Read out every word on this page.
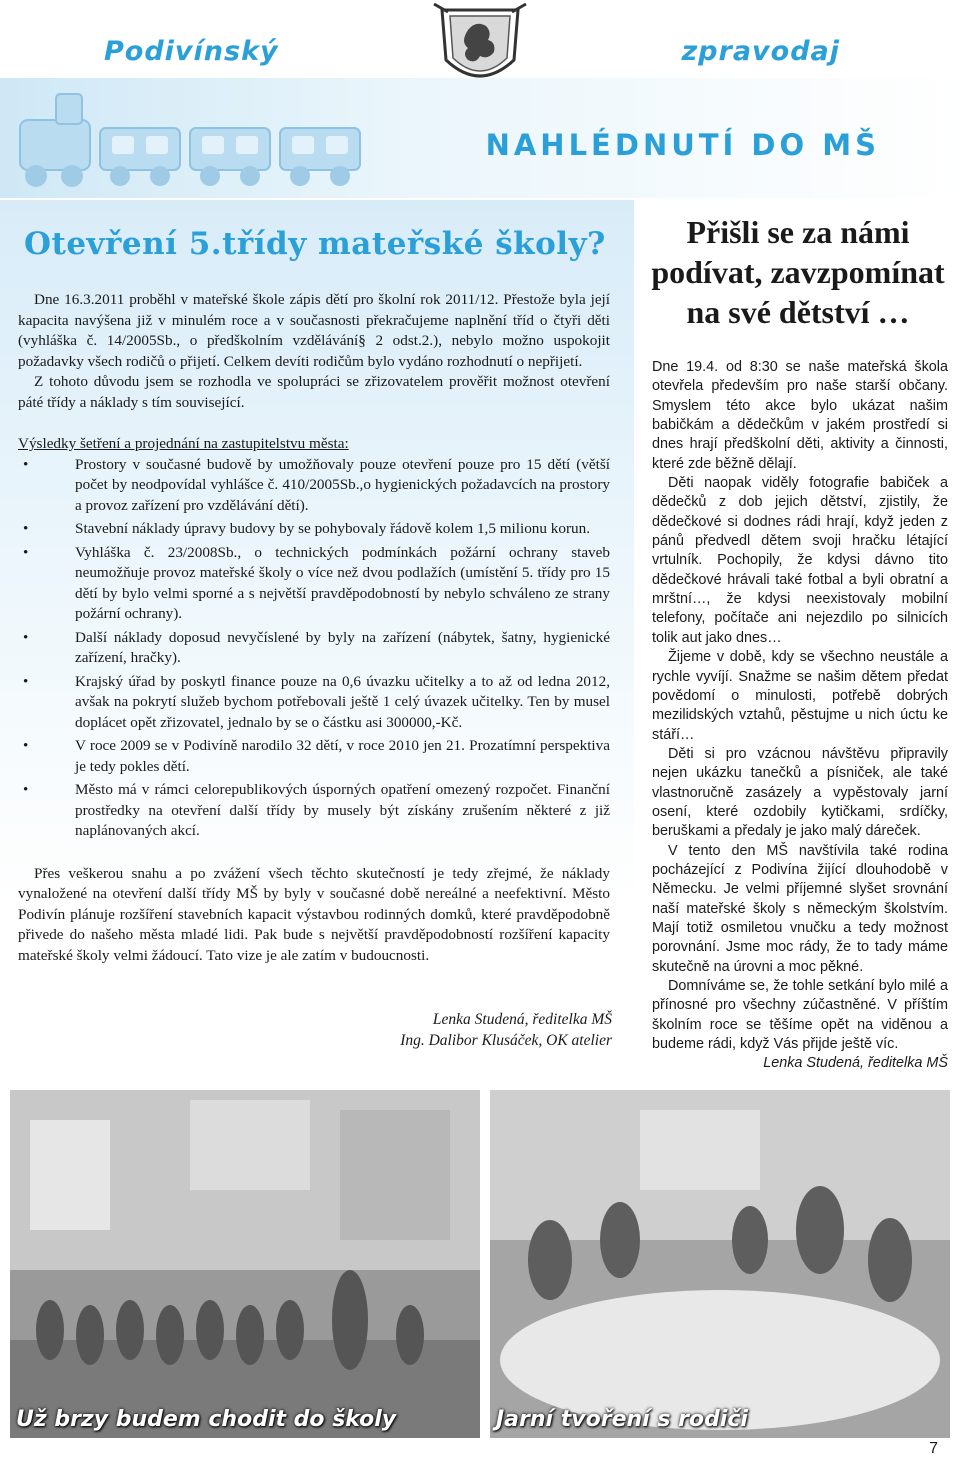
Podivínský	zpravodaj
NAHLÉDNUTÍ DO MŠ
Otevření 5.třídy mateřské školy?

Dne 16.3.2011 proběhl v mateřské škole zápis dětí pro školní rok 2011/12. Přestože byla její kapacita navýšena již v minulém roce a v současnosti překračujeme naplnění tříd o čtyři děti (vyhláška č. 14/2005Sb., o předškolním vzdělávání§ 2 odst.2.), nebylo možno uspokojit požadavky všech rodičů o přijetí. Celkem devíti rodičům bylo vydáno rozhodnutí o nepřijetí.

Z tohoto důvodu jsem se rozhodla ve spolupráci se zřizovatelem prověřit možnost otevření páté třídy a náklady s tím související.

Výsledky šetření a projednání na zastupitelstvu města:

• Prostory v současné budově by umožňovaly pouze otevření pouze pro 15 dětí (větší počet by neodpovídal vyhlášce č. 410/2005Sb.,o hygienických požadavcích na prostory a provoz zařízení pro vzdělávání dětí).
• Stavební náklady úpravy budovy by se pohybovaly řádově kolem 1,5 milionu korun.
• Vyhláška č. 23/2008Sb., o technických podmínkách požární ochrany staveb neumožňuje provoz mateřské školy o více než dvou podlažích (umístění 5. třídy pro 15 dětí by bylo velmi sporné a s největší pravděpodobností by nebylo schváleno ze strany požární ochrany).
• Další náklady doposud nevyčíslené by byly na zařízení (nábytek, šatny, hygienické zařízení, hračky).
• Krajský úřad by poskytl finance pouze na 0,6 úvazku učitelky a to až od ledna 2012, avšak na pokrytí služeb bychom potřebovali ještě 1 celý úvazek učitelky. Ten by musel doplácet opět zřizovatel, jednalo by se o částku asi 300000,-Kč.
• V roce 2009 se v Podivíně narodilo 32 dětí, v roce 2010 jen 21. Prozatímní perspektiva je tedy pokles dětí.
• Město má v rámci celorepublikových úsporných opatření omezený rozpočet. Finanční prostředky na otevření další třídy by musely být získány zrušením některé z již naplánovaných akcí.

Přes veškerou snahu a po zvážení všech těchto skutečností je tedy zřejmé, že náklady vynaložené na otevření další třídy MŠ by byly v současné době nereálné a neefektivní. Město Podivín plánuje rozšíření stavebních kapacit výstavbou rodinných domků, které pravděpodobně přivede do našeho města mladé lidi. Pak bude s největší pravděpodobností rozšíření kapacity mateřské školy velmi žádoucí. Tato vize je ale zatím v budoucnosti.

Lenka Studená, ředitelka MŠ
Ing. Dalibor Klusáček, OK atelier
Přišli se za námi podívat, zavzpomínat na své dětství …

Dne 19.4. od 8:30 se naše mateřská škola otevřela především pro naše starší občany. Smyslem této akce bylo ukázat našim babičkám a dědečkům v jakém prostředí si dnes hrají předškolní děti, aktivity a činnosti, které zde běžně dělají.

Děti naopak viděly fotografie babiček a dědečků z dob jejich dětství, zjistily, že dědečkové si dodnes rádi hrají, když jeden z pánů předvedl dětem svoji hračku létající vrtulník. Pochopily, že kdysi dávno tito dědečkové hrávali také fotbal a byli obratní a mrštní…, že kdysi neexistovaly mobilní telefony, počítače ani nejezdilo po silnicích tolik aut jako dnes…

Žijeme v době, kdy se všechno neustále a rychle vyvíjí. Snažme se našim dětem předat povědomí o minulosti, potřebě dobrých mezilidských vztahů, pěstujme u nich úctu ke stáří…

Děti si pro vzácnou návštěvu připravily nejen ukázku tanečků a písniček, ale také vlastnoručně zasázely a vypěstovaly jarní osení, které ozdobily kytičkami, srdíčky, beruškami a předaly je jako malý dáreček.

V tento den MŠ navštívila také rodina pocházející z Podivína žijící dlouhodobě v Německu. Je velmi příjemné slyšet srovnání naší mateřské školy s německým školstvím. Mají totiž osmiletou vnučku a tedy možnost porovnání. Jsme moc rády, že to tady máme skutečně na úrovni a moc pěkné.

Domníváme se, že tohle setkání bylo milé a přínosné pro všechny zúčastněné. V příštím školním roce se těšíme opět na viděnou a budeme rádi, když Vás přijde ještě víc.

Lenka Studená, ředitelka MŠ

Už brzy budem chodit do školy	Jarní tvoření s rodiči
7
